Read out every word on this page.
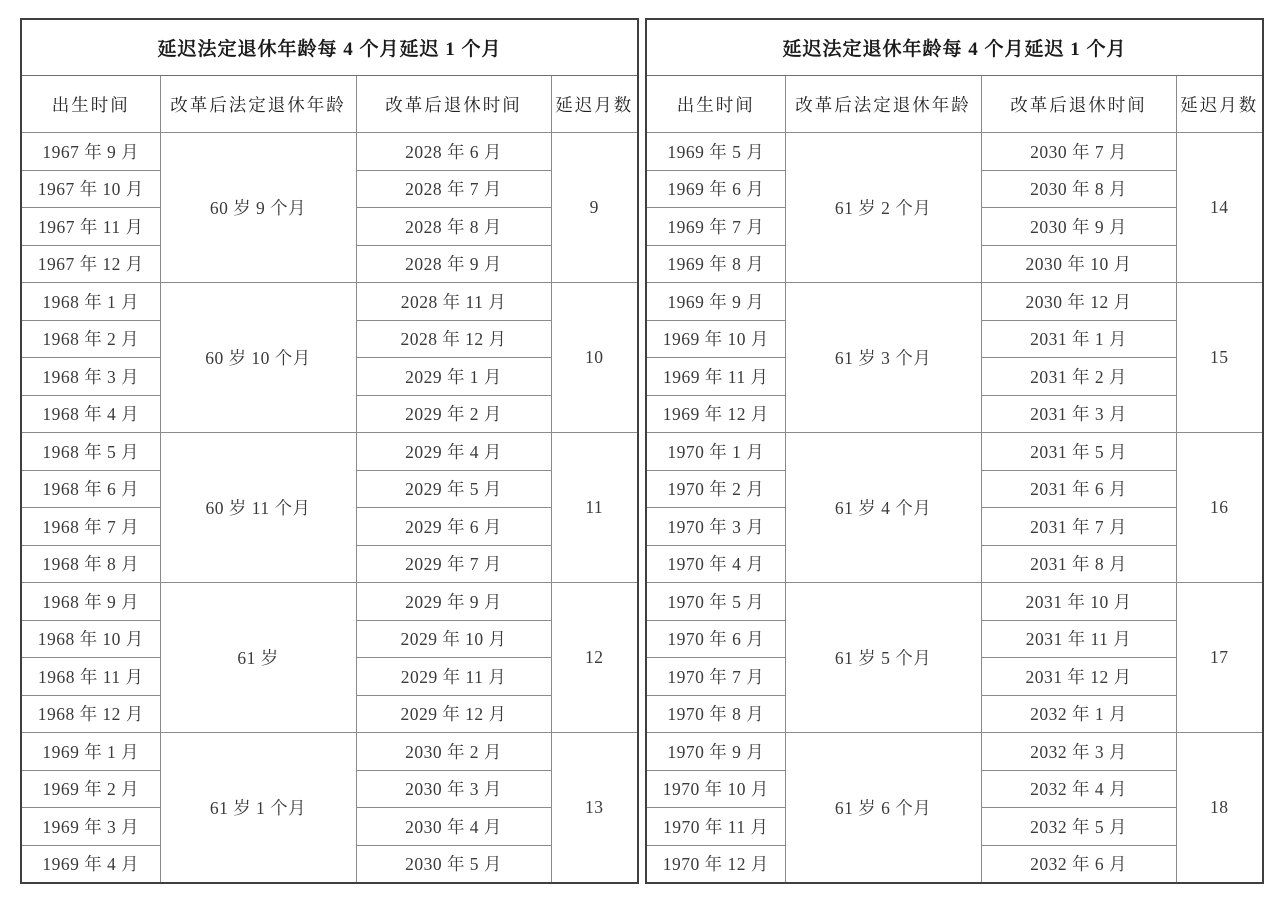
延迟法定退休年龄每 4 个月延迟 1 个月			
出生时间	改革后法定退休年龄	改革后退休时间	延迟月数
1967 年 9 月	60 岁 9 个月	2028 年 6 月	9
1967 年 10 月		2028 年 7 月	
1967 年 11 月		2028 年 8 月	
1967 年 12 月		2028 年 9 月	
1968 年 1 月	60 岁 10 个月	2028 年 11 月	10
1968 年 2 月		2028 年 12 月	
1968 年 3 月		2029 年 1 月	
1968 年 4 月		2029 年 2 月	
1968 年 5 月	60 岁 11 个月	2029 年 4 月	11
1968 年 6 月		2029 年 5 月	
1968 年 7 月		2029 年 6 月	
1968 年 8 月		2029 年 7 月	
1968 年 9 月	61 岁	2029 年 9 月	12
1968 年 10 月		2029 年 10 月	
1968 年 11 月		2029 年 11 月	
1968 年 12 月		2029 年 12 月	
1969 年 1 月	61 岁 1 个月	2030 年 2 月	13
1969 年 2 月		2030 年 3 月	
1969 年 3 月		2030 年 4 月	
1969 年 4 月		2030 年 5 月	
延迟法定退休年龄每 4 个月延迟 1 个月			
出生时间	改革后法定退休年龄	改革后退休时间	延迟月数
1969 年 5 月	61 岁 2 个月	2030 年 7 月	14
1969 年 6 月		2030 年 8 月	
1969 年 7 月		2030 年 9 月	
1969 年 8 月		2030 年 10 月	
1969 年 9 月	61 岁 3 个月	2030 年 12 月	15
1969 年 10 月		2031 年 1 月	
1969 年 11 月		2031 年 2 月	
1969 年 12 月		2031 年 3 月	
1970 年 1 月	61 岁 4 个月	2031 年 5 月	16
1970 年 2 月		2031 年 6 月	
1970 年 3 月		2031 年 7 月	
1970 年 4 月		2031 年 8 月	
1970 年 5 月	61 岁 5 个月	2031 年 10 月	17
1970 年 6 月		2031 年 11 月	
1970 年 7 月		2031 年 12 月	
1970 年 8 月		2032 年 1 月	
1970 年 9 月	61 岁 6 个月	2032 年 3 月	18
1970 年 10 月		2032 年 4 月	
1970 年 11 月		2032 年 5 月	
1970 年 12 月		2032 年 6 月	
